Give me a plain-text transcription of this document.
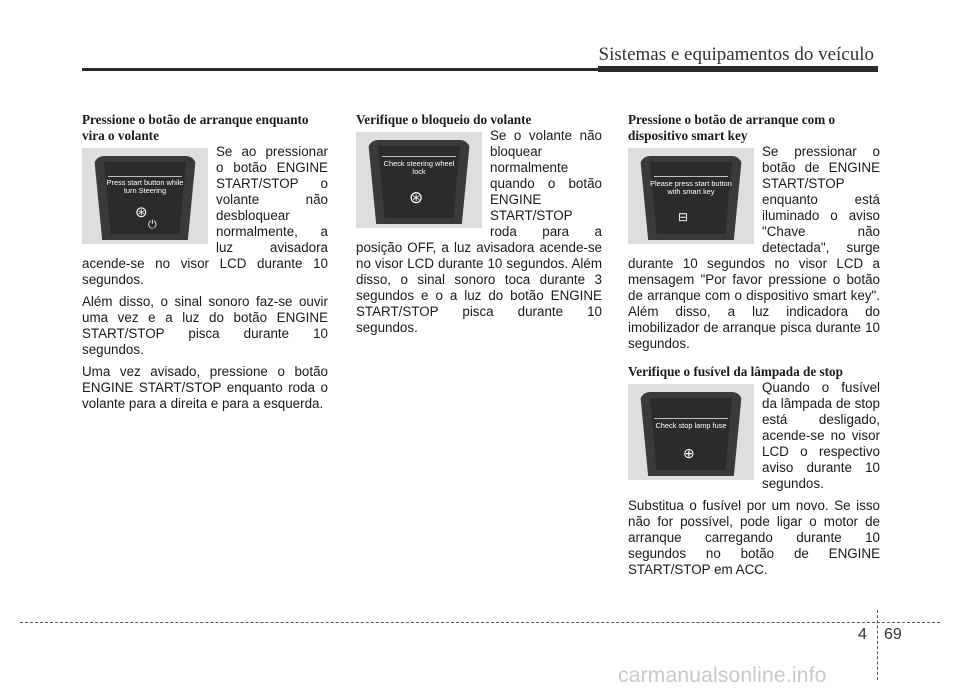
Sistemas e equipamentos do veículo
Pressione o botão de arranque enquanto vira o volante
Press start button while turn Steering
⊛
⏻

Se ao pressionar o botão ENGINE START/STOP o volante não desbloquear normalmente, a luz avisadora acende-se no visor LCD durante 10 segundos.

Além disso, o sinal sonoro faz-se ouvir uma vez e a luz do botão ENGINE START/STOP pisca durante 10 segundos.

Uma vez avisado, pressione o botão ENGINE START/STOP enquanto roda o volante para a direita e para a esquerda.

Verifique o bloqueio do volante
Check steering wheel lock
⊛

Se o volante não bloquear normalmente quando o botão ENGINE START/STOP roda para a posição OFF, a luz avisadora acende-se no visor LCD durante 10 segundos. Além disso, o sinal sonoro toca durante 3 segundos e o a luz do botão ENGINE START/STOP pisca durante 10 segundos.

Pressione o botão de arranque com o dispositivo smart key
Please press start button with smart key
⊟

Se pressionar o botão de ENGINE START/STOP enquanto está iluminado o aviso "Chave não detectada", surge durante 10 segundos no visor LCD a mensagem "Por favor pressione o botão de arranque com o dispositivo smart key". Além disso, a luz indicadora do imobilizador de arranque pisca durante 10 segundos.

Verifique o fusível da lâmpada de stop
Check stop lamp fuse
⊕

Quando o fusível da lâmpada de stop está desligado, acende-se no visor LCD o respectivo aviso durante 10 segundos.

Substitua o fusível por um novo. Se isso não for possível, pode ligar o motor de arranque carregando durante 10 segundos no botão de ENGINE START/STOP em ACC.

4 69
carmanualsonline.info
